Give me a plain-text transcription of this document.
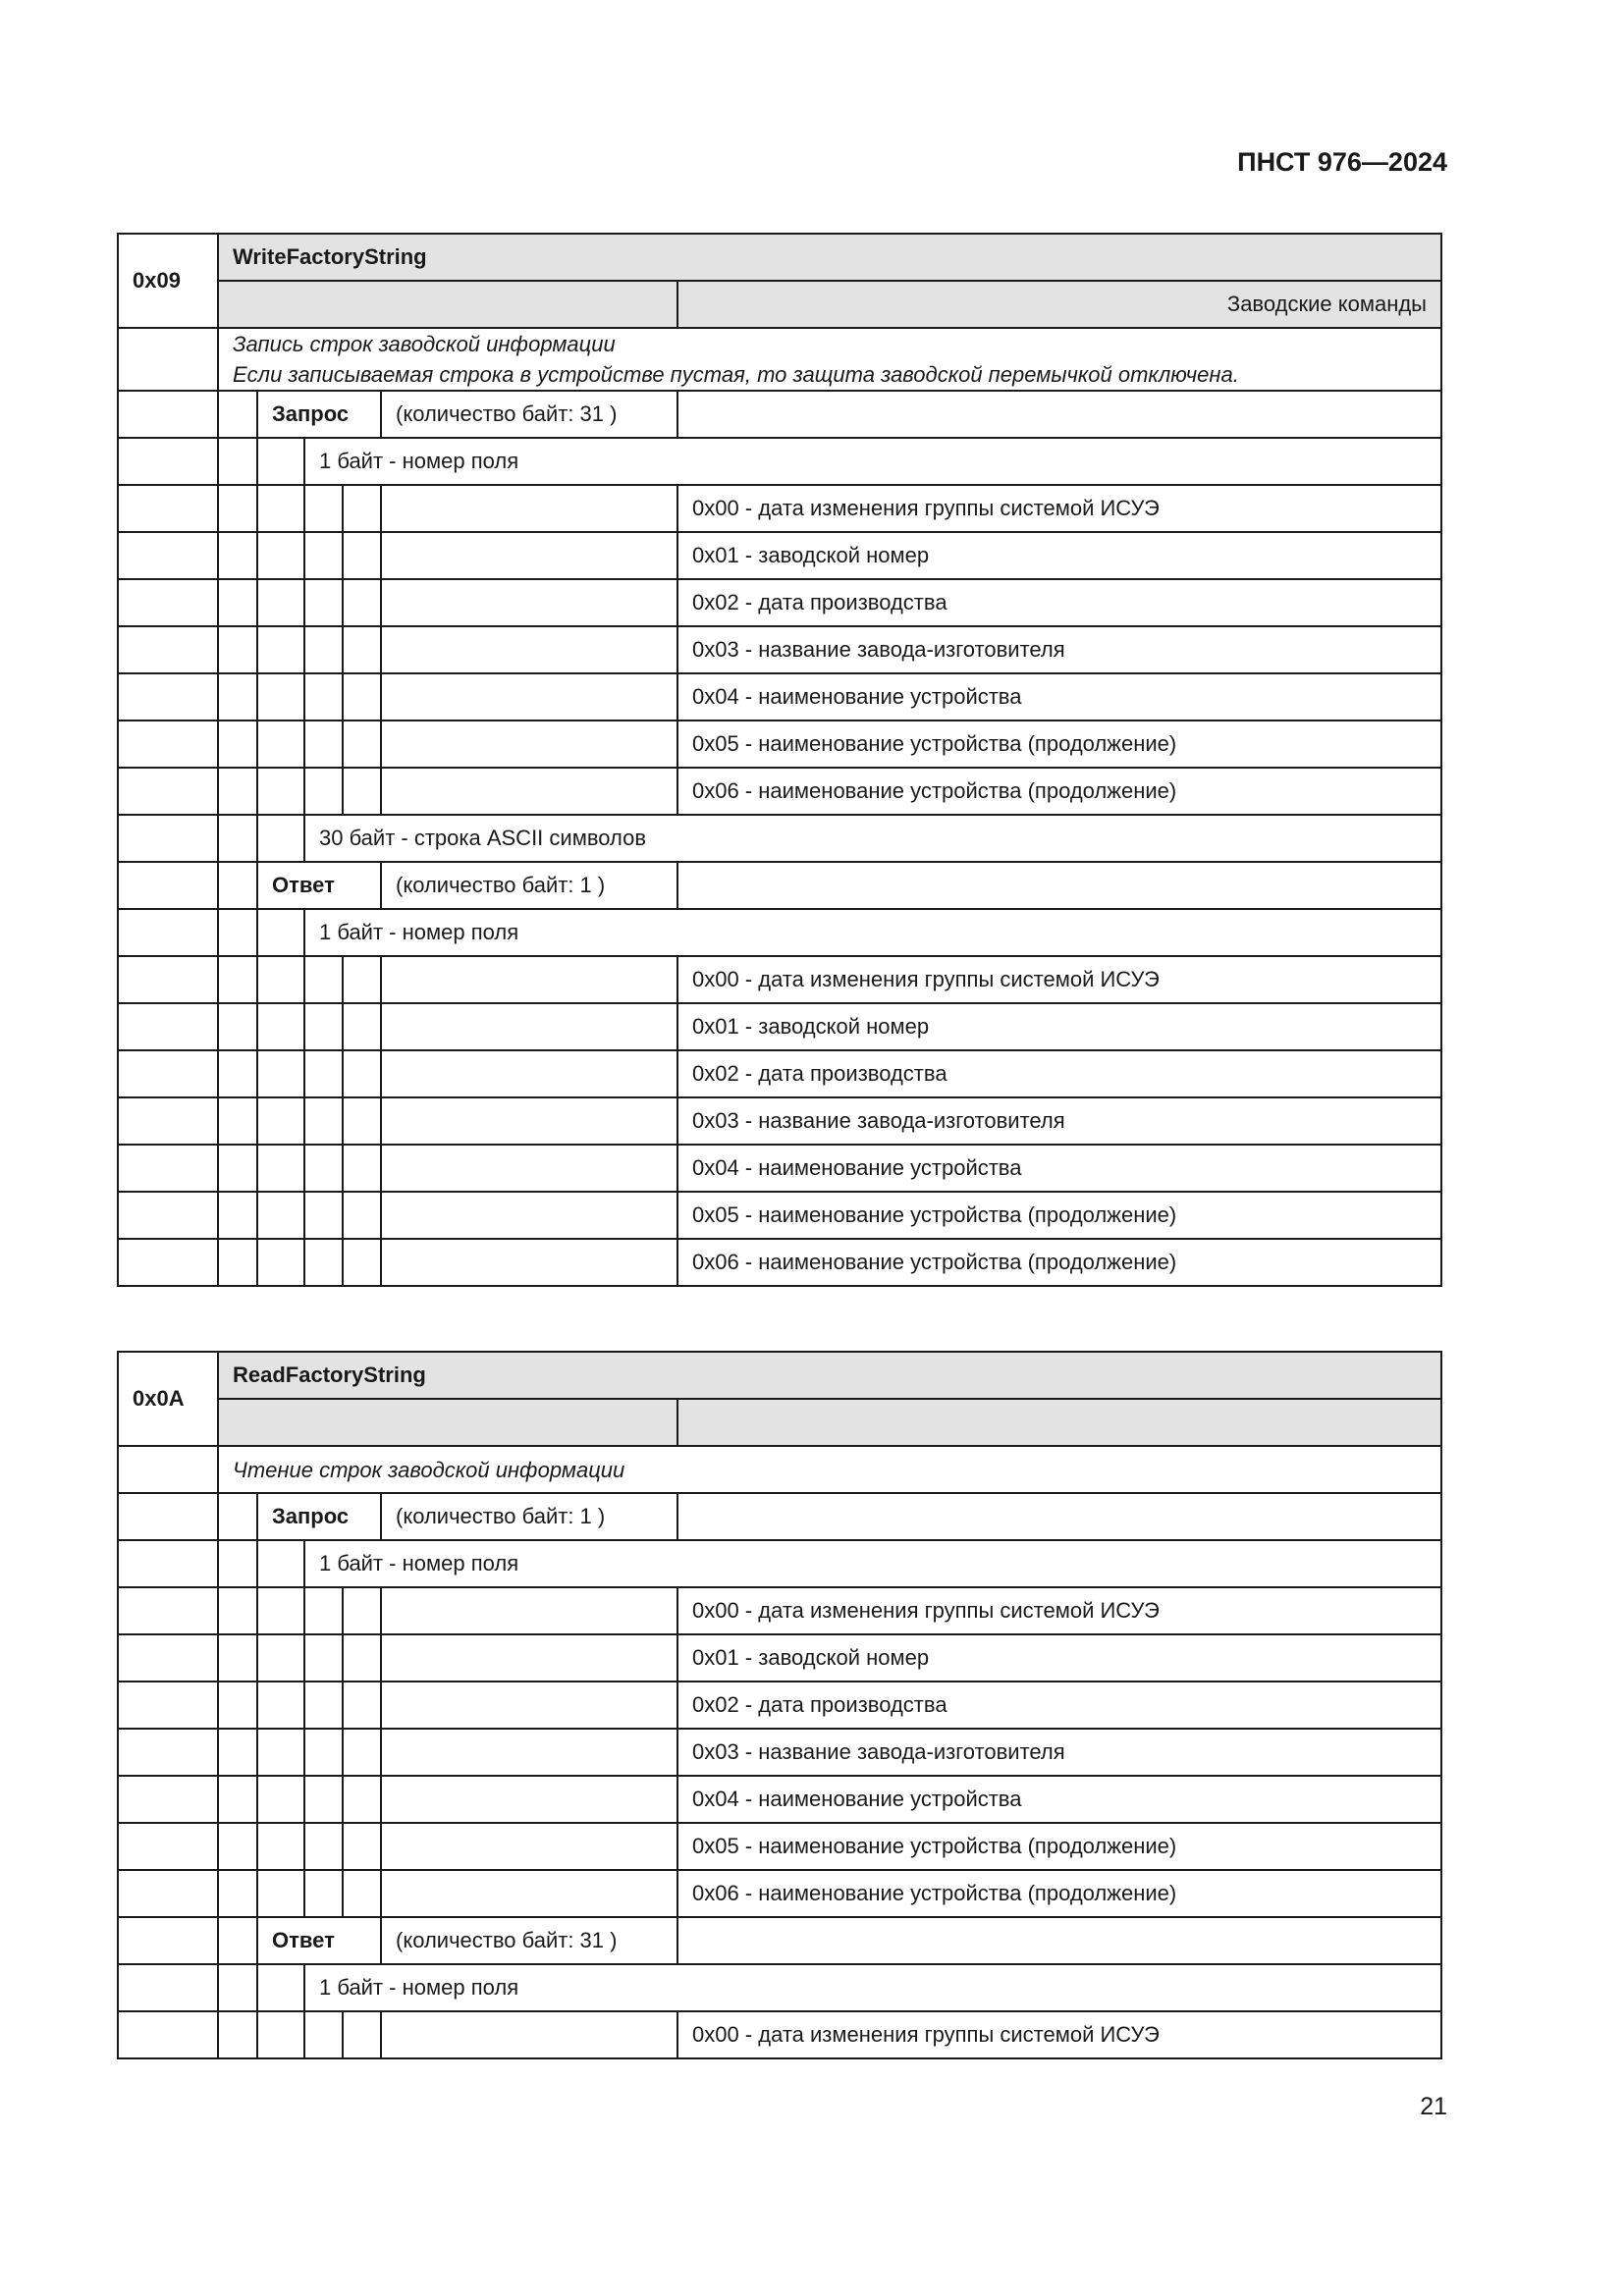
ПНСТ 976—2024
0x09	WriteFactoryString					
						Заводские команды

	Запись строк заводской информации
Если записываемая строка в устройстве пустая, то защита заводской перемычкой отключена.					

		Запрос			(количество байт: 31 )	
			1 байт - номер поля			
						0x00 - дата изменения группы системой ИСУЭ
						0x01 - заводской номер
						0x02 - дата производства
						0x03 - название завода-изготовителя
						0x04 - наименование устройства
						0x05 - наименование устройства (продолжение)
						0x06 - наименование устройства (продолжение)
			30 байт - строка ASCII символов			
		Ответ			(количество байт: 1 )	
			1 байт - номер поля			
						0x00 - дата изменения группы системой ИСУЭ
						0x01 - заводской номер
						0x02 - дата производства
						0x03 - название завода-изготовителя
						0x04 - наименование устройства
						0x05 - наименование устройства (продолжение)
						0x06 - наименование устройства (продолжение)
0x0A	ReadFactoryString					

	Чтение строк заводской информации					

		Запрос			(количество байт: 1 )	
			1 байт - номер поля			
						0x00 - дата изменения группы системой ИСУЭ
						0x01 - заводской номер
						0x02 - дата производства
						0x03 - название завода-изготовителя
						0x04 - наименование устройства
						0x05 - наименование устройства (продолжение)
						0x06 - наименование устройства (продолжение)
		Ответ			(количество байт: 31 )	
			1 байт - номер поля			
						0x00 - дата изменения группы системой ИСУЭ
21
